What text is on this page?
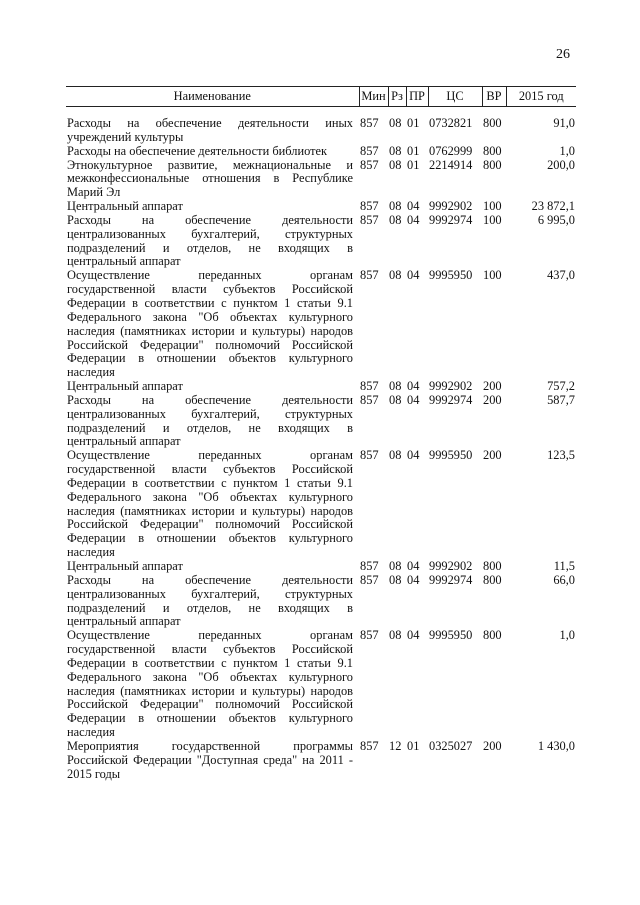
26
Наименование	Мин	Рз	ПР	ЦС	ВР	2015 год
Расходы на обеспечение деятельности иных учреждений культуры	857	08	01	0732821	800	91,0
Расходы на обеспечение деятельности библиотек	857	08	01	0762999	800	1,0
Этнокультурное развитие, межнациональные и межконфессиональные отношения в Республике Марий Эл	857	08	01	2214914	800	200,0
Центральный аппарат	857	08	04	9992902	100	23 872,1
Расходы на обеспечение деятельности централизованных бухгалтерий, структурных подразделений и отделов, не входящих в центральный аппарат	857	08	04	9992974	100	6 995,0
Осуществление переданных органам государственной власти субъектов Российской Федерации в соответствии с пунктом 1 статьи 9.1 Федерального закона "Об объектах культурного наследия (памятниках истории и культуры) народов Российской Федерации" полномочий Российской Федерации в отношении объектов культурного наследия	857	08	04	9995950	100	437,0
Центральный аппарат	857	08	04	9992902	200	757,2
Расходы на обеспечение деятельности централизованных бухгалтерий, структурных подразделений и отделов, не входящих в центральный аппарат	857	08	04	9992974	200	587,7
Осуществление переданных органам государственной власти субъектов Российской Федерации в соответствии с пунктом 1 статьи 9.1 Федерального закона "Об объектах культурного наследия (памятниках истории и культуры) народов Российской Федерации" полномочий Российской Федерации в отношении объектов культурного наследия	857	08	04	9995950	200	123,5
Центральный аппарат	857	08	04	9992902	800	11,5
Расходы на обеспечение деятельности централизованных бухгалтерий, структурных подразделений и отделов, не входящих в центральный аппарат	857	08	04	9992974	800	66,0
Осуществление переданных органам государственной власти субъектов Российской Федерации в соответствии с пунктом 1 статьи 9.1 Федерального закона "Об объектах культурного наследия (памятниках истории и культуры) народов Российской Федерации" полномочий Российской Федерации в отношении объектов культурного наследия	857	08	04	9995950	800	1,0
Мероприятия государственной программы Российской Федерации "Доступная среда" на 2011 - 2015 годы	857	12	01	0325027	200	1 430,0
